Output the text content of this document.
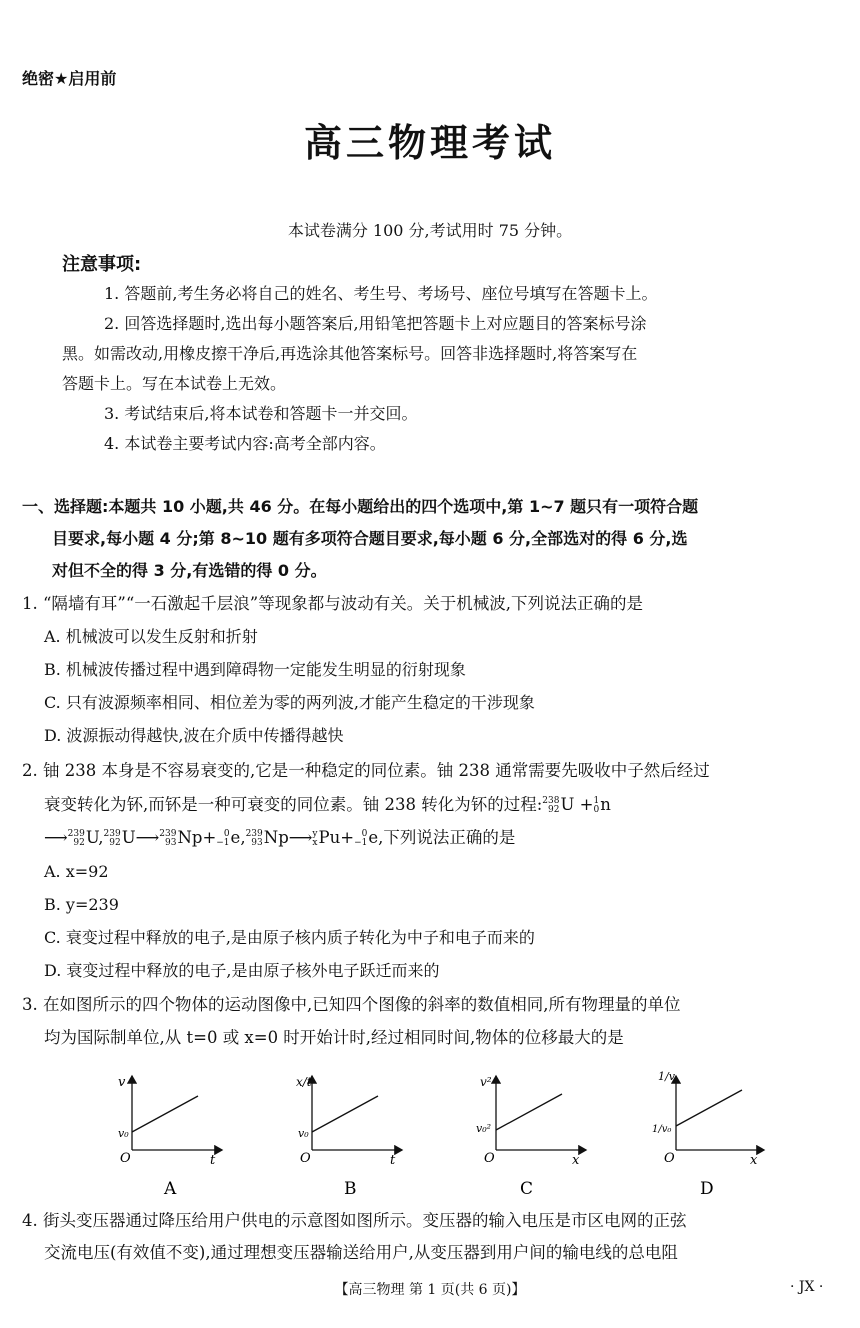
绝密★启用前
高三物理考试
本试卷满分 100 分,考试用时 75 分钟。
注意事项:
1. 答题前,考生务必将自己的姓名、考生号、考场号、座位号填写在答题卡上。
2. 回答选择题时,选出每小题答案后,用铅笔把答题卡上对应题目的答案标号涂
黑。如需改动,用橡皮擦干净后,再选涂其他答案标号。回答非选择题时,将答案写在
答题卡上。写在本试卷上无效。
3. 考试结束后,将本试卷和答题卡一并交回。
4. 本试卷主要考试内容:高考全部内容。
一、选择题:本题共 10 小题,共 46 分。在每小题给出的四个选项中,第 1~7 题只有一项符合题
目要求,每小题 4 分;第 8~10 题有多项符合题目要求,每小题 6 分,全部选对的得 6 分,选
对但不全的得 3 分,有选错的得 0 分。
1. “隔墙有耳”“一石激起千层浪”等现象都与波动有关。关于机械波,下列说法正确的是
A. 机械波可以发生反射和折射
B. 机械波传播过程中遇到障碍物一定能发生明显的衍射现象
C. 只有波源频率相同、相位差为零的两列波,才能产生稳定的干涉现象
D. 波源振动得越快,波在介质中传播得越快
2. 铀 238 本身是不容易衰变的,它是一种稳定的同位素。铀 238 通常需要先吸收中子然后经过
衰变转化为钚,而钚是一种可衰变的同位素。铀 238 转化为钚的过程: 238
92 U + 1
0 n
⟶ 239
92 U, 239
92 U⟶ 239
93 Np+ 0
−1 e, 239
93 Np⟶ y
x Pu+ 0
−1 e,下列说法正确的是
A. x=92
B. y=239
C. 衰变过程中释放的电子,是由原子核内质子转化为中子和电子而来的
D. 衰变过程中释放的电子,是由原子核外电子跃迁而来的
3. 在如图所示的四个物体的运动图像中,已知四个图像的斜率的数值相同,所有物理量的单位
均为国际制单位,从 t=0 或 x=0 时开始计时,经过相同时间,物体的位移最大的是
v
t
v₀
O
A
x/t
t
v₀
O
B
v²
x
v₀²
O
C
1/v
x
1/v₀
O
D
4. 街头变压器通过降压给用户供电的示意图如图所示。变压器的输入电压是市区电网的正弦
交流电压(有效值不变),通过理想变压器输送给用户,从变压器到用户间的输电线的总电阻
【高三物理 第 1 页(共 6 页)】	· JX ·
